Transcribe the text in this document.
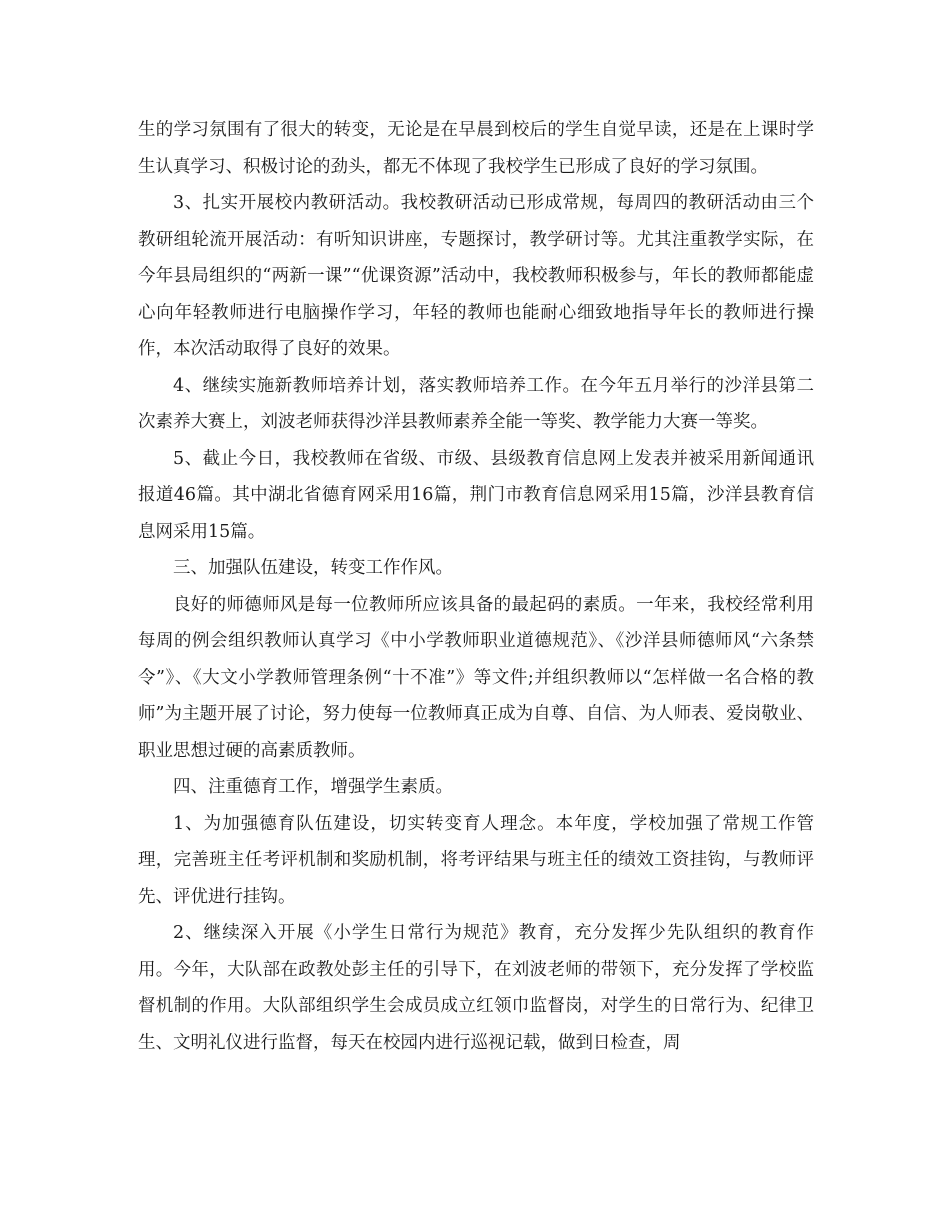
生的学习氛围有了很大的转变，无论是在早晨到校后的学生自觉早读，还是在上课时学生认真学习、积极讨论的劲头，都无不体现了我校学生已形成了良好的学习氛围。

3、扎实开展校内教研活动。我校教研活动已形成常规，每周四的教研活动由三个教研组轮流开展活动：有听知识讲座，专题探讨，教学研讨等。尤其注重教学实际，在今年县局组织的“两新一课”“优课资源”活动中，我校教师积极参与，年长的教师都能虚心向年轻教师进行电脑操作学习，年轻的教师也能耐心细致地指导年长的教师进行操作，本次活动取得了良好的效果。

4、继续实施新教师培养计划，落实教师培养工作。在今年五月举行的沙洋县第二次素养大赛上，刘波老师获得沙洋县教师素养全能一等奖、教学能力大赛一等奖。

5、截止今日，我校教师在省级、市级、县级教育信息网上发表并被采用新闻通讯报道46篇。其中湖北省德育网采用16篇，荆门市教育信息网采用15篇，沙洋县教育信息网采用15篇。

三、加强队伍建设，转变工作作风。

良好的师德师风是每一位教师所应该具备的最起码的素质。一年来，我校经常利用每周的例会组织教师认真学习《中小学教师职业道德规范》、《沙洋县师德师风“六条禁令”》、《大文小学教师管理条例“十不准”》等文件;并组织教师以“怎样做一名合格的教师”为主题开展了讨论，努力使每一位教师真正成为自尊、自信、为人师表、爱岗敬业、职业思想过硬的高素质教师。

四、注重德育工作，增强学生素质。

1、为加强德育队伍建设，切实转变育人理念。本年度，学校加强了常规工作管理，完善班主任考评机制和奖励机制，将考评结果与班主任的绩效工资挂钩，与教师评先、评优进行挂钩。

2、继续深入开展《小学生日常行为规范》教育，充分发挥少先队组织的教育作用。今年，大队部在政教处彭主任的引导下，在刘波老师的带领下，充分发挥了学校监督机制的作用。大队部组织学生会成员成立红领巾监督岗，对学生的日常行为、纪律卫生、文明礼仪进行监督，每天在校园内进行巡视记载，做到日检查，周
